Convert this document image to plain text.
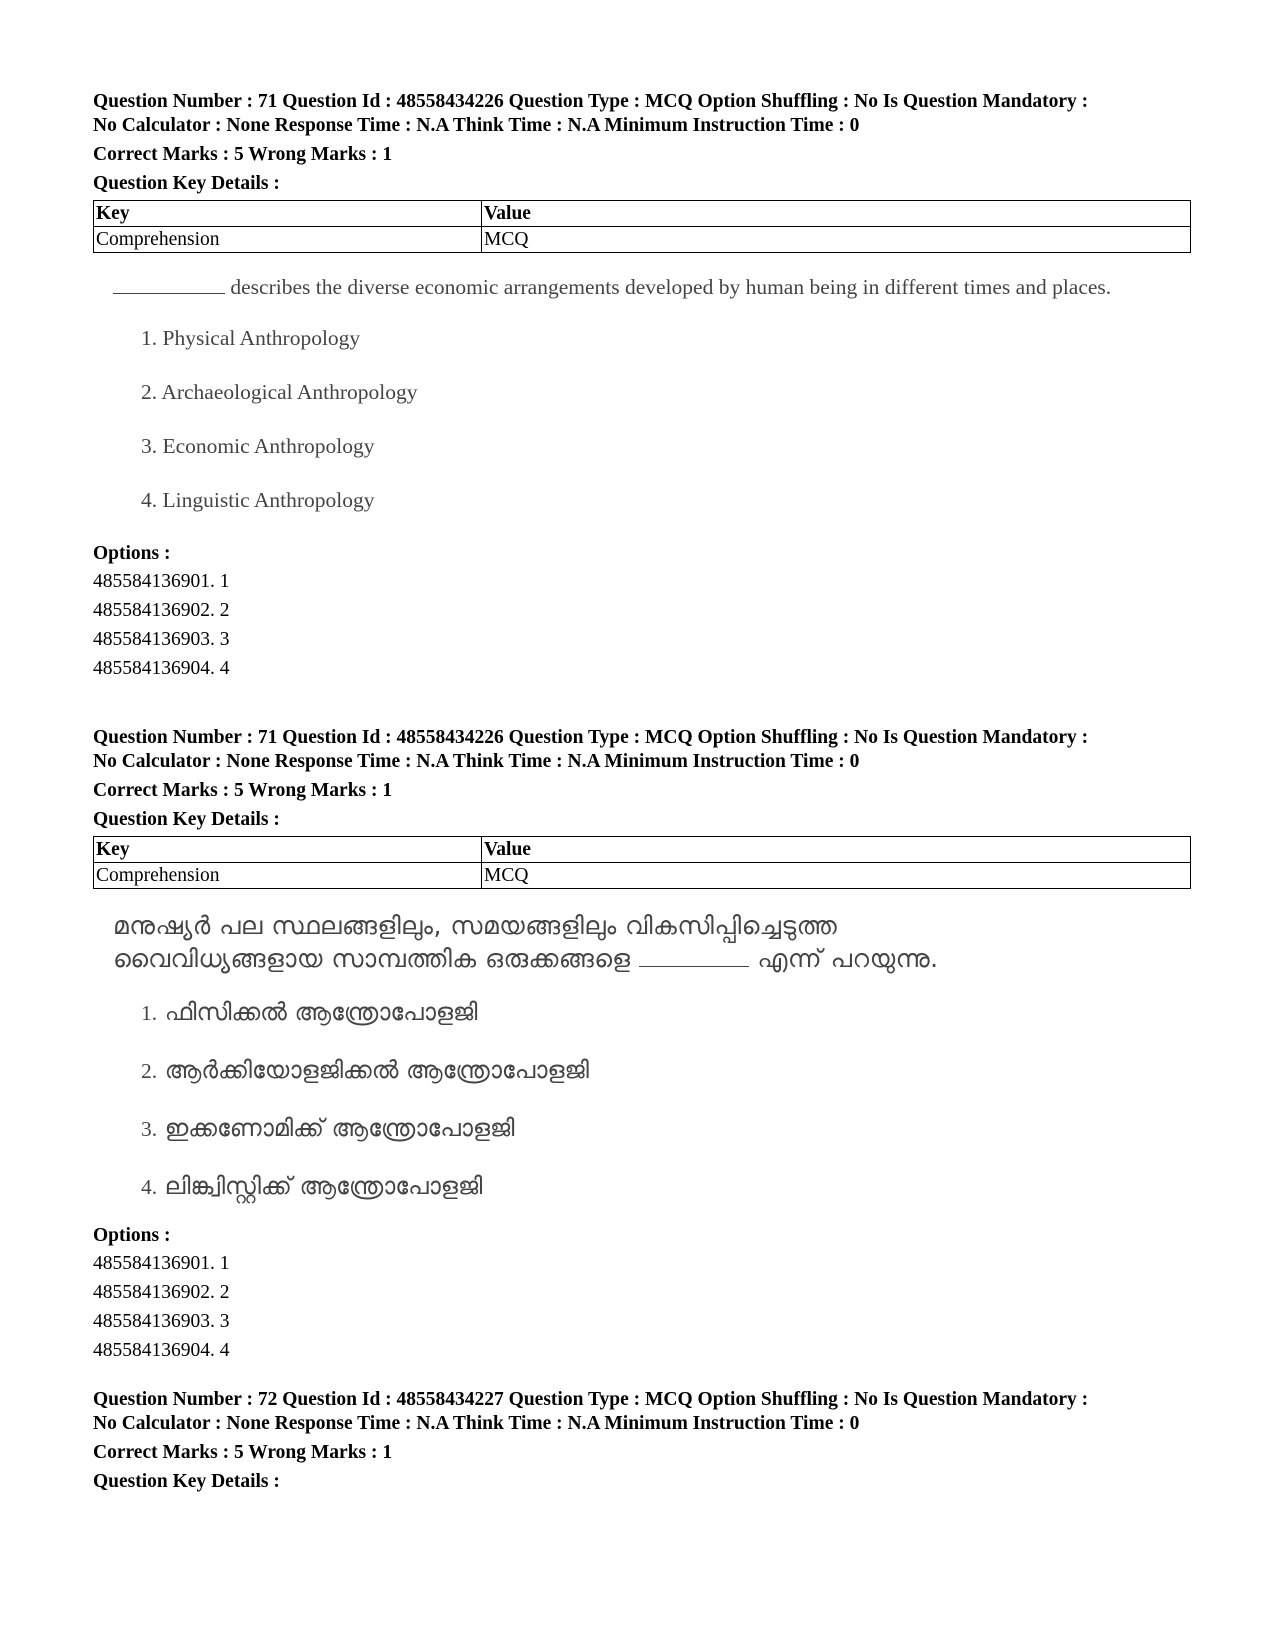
Question Number : 71 Question Id : 48558434226 Question Type : MCQ Option Shuffling : No Is Question Mandatory :
No Calculator : None Response Time : N.A Think Time : N.A Minimum Instruction Time : 0
Correct Marks : 5 Wrong Marks : 1
Question Key Details :
Key	Value
Comprehension	MCQ
describes the diverse economic arrangements developed by human being in different times and places.
1. Physical Anthropology
2. Archaeological Anthropology
3. Economic Anthropology
4. Linguistic Anthropology
Options :
485584136901. 1
485584136902. 2
485584136903. 3
485584136904. 4
Question Number : 71 Question Id : 48558434226 Question Type : MCQ Option Shuffling : No Is Question Mandatory :
No Calculator : None Response Time : N.A Think Time : N.A Minimum Instruction Time : 0
Correct Marks : 5 Wrong Marks : 1
Question Key Details :
Key	Value
Comprehension	MCQ
മനുഷ്യർ പല സ്ഥലങ്ങളിലും, സമയങ്ങളിലും വികസിപ്പിച്ചെടുത്ത
വൈവിധ്യങ്ങളായ സാമ്പത്തിക ഒരുക്കങ്ങളെ	എന്ന് പറയുന്നു.
1. ഫിസിക്കൽ ആന്ത്രോപോളജി
2. ആർക്കിയോളജിക്കൽ ആന്ത്രോപോളജി
3. ഇക്കണോമിക്ക് ആന്ത്രോപോളജി
4. ലിങ്ക്വിസ്റ്റിക്ക് ആന്ത്രോപോളജി
Options :
485584136901. 1
485584136902. 2
485584136903. 3
485584136904. 4
Question Number : 72 Question Id : 48558434227 Question Type : MCQ Option Shuffling : No Is Question Mandatory :
No Calculator : None Response Time : N.A Think Time : N.A Minimum Instruction Time : 0
Correct Marks : 5 Wrong Marks : 1
Question Key Details :
